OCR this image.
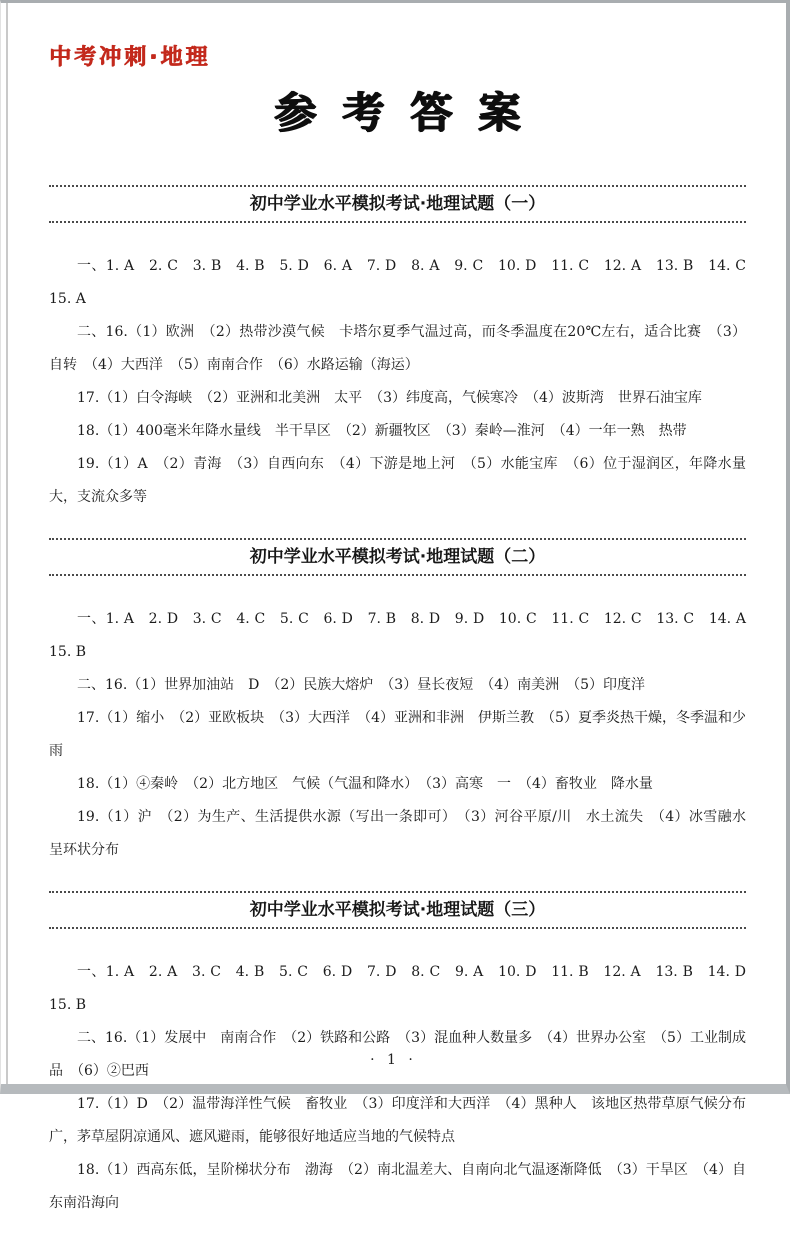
中考冲刺·地理
参考答案
初中学业水平模拟考试·地理试题（一）

一、1. A　2. C　3. B　4. B　5. D　6. A　7. D　8. A　9. C　10. D　11. C　12. A　13. B　14. C　15. A

二、16.（1）欧洲　（2）热带沙漠气候　卡塔尔夏季气温过高，而冬季温度在20℃左右，适合比赛　（3）自转　（4）大西洋　（5）南南合作　（6）水路运输（海运）

17.（1）白令海峡　（2）亚洲和北美洲　太平　（3）纬度高，气候寒冷　（4）波斯湾　世界石油宝库

18.（1）400毫米年降水量线　半干旱区　（2）新疆牧区　（3）秦岭—淮河　（4）一年一熟　热带

19.（1）A　（2）青海　（3）自西向东　（4）下游是地上河　（5）水能宝库　（6）位于湿润区，年降水量大，支流众多等

初中学业水平模拟考试·地理试题（二）

一、1. A　2. D　3. C　4. C　5. C　6. D　7. B　8. D　9. D　10. C　11. C　12. C　13. C　14. A　15. B

二、16.（1）世界加油站　D　（2）民族大熔炉　（3）昼长夜短　（4）南美洲　（5）印度洋

17.（1）缩小　（2）亚欧板块　（3）大西洋　（4）亚洲和非洲　伊斯兰教　（5）夏季炎热干燥，冬季温和少雨

18.（1）④秦岭　（2）北方地区　气候（气温和降水）　（3）高寒　一　（4）畜牧业　降水量

19.（1）沪　（2）为生产、生活提供水源（写出一条即可）　（3）河谷平原/川　水土流失　（4）冰雪融水　呈环状分布

初中学业水平模拟考试·地理试题（三）

一、1. A　2. A　3. C　4. B　5. C　6. D　7. D　8. C　9. A　10. D　11. B　12. A　13. B　14. D　15. B

二、16.（1）发展中　南南合作　（2）铁路和公路　（3）混血种人数量多　（4）世界办公室　（5）工业制成品　（6）②巴西

17.（1）D　（2）温带海洋性气候　畜牧业　（3）印度洋和大西洋　（4）黑种人　该地区热带草原气候分布广，茅草屋阴凉通风、遮风避雨，能够很好地适应当地的气候特点

18.（1）西高东低，呈阶梯状分布　渤海　（2）南北温差大、自南向北气温逐渐降低　（3）干旱区　（4）自东南沿海向

· 1 ·
